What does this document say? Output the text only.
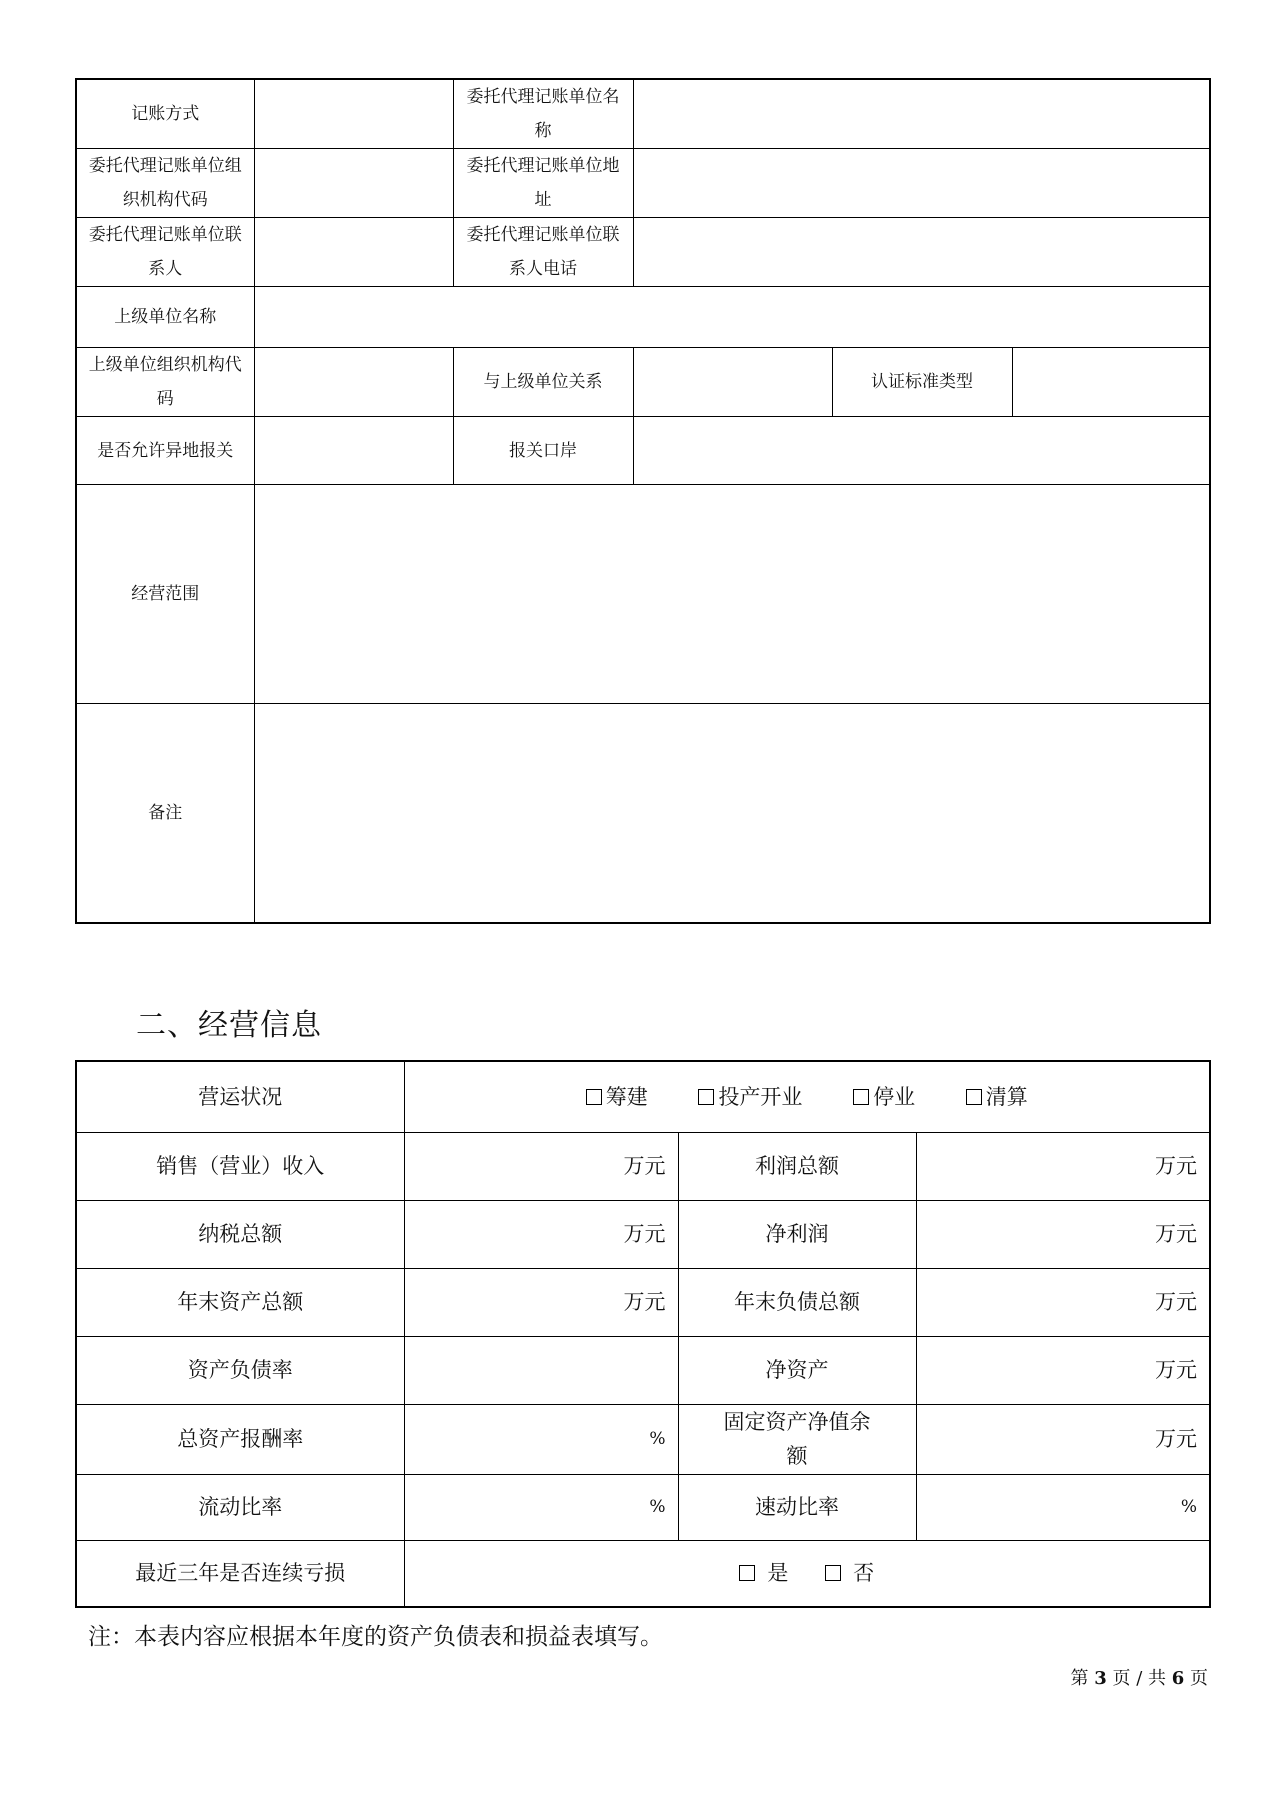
记账方式		委托代理记账单位名称			
委托代理记账单位组织机构代码		委托代理记账单位地址			
委托代理记账单位联系人		委托代理记账单位联系人电话			
上级单位名称					
上级单位组织机构代码		与上级单位关系		认证标准类型	
是否允许异地报关		报关口岸			
经营范围					
备注					
二、经营信息
营运状况	筹建 投产开业 停业 清算		
销售（营业）收入	万元	利润总额	万元
纳税总额	万元	净利润	万元
年末资产总额	万元	年末负债总额	万元
资产负债率		净资产	万元
总资产报酬率	%	固定资产净值余额	万元
流动比率	%	速动比率	%
最近三年是否连续亏损	是 否		
注：本表内容应根据本年度的资产负债表和损益表填写。
第 3 页 / 共 6 页
